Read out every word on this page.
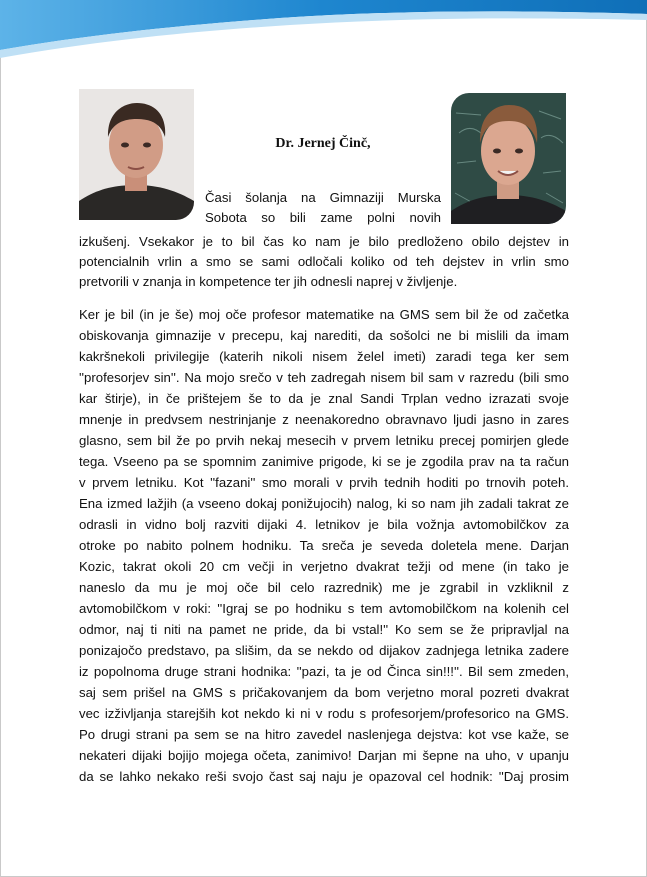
Dr. Jernej Činč,
Časi šolanja na Gimnaziji Murska
Sobota so bili zame polni novih
izkušenj. Vsekakor je to bil čas ko nam je bilo predloženo obilo dejstev in
potencialnih vrlin a smo se sami odločali koliko od teh dejstev in vrlin smo
pretvorili v znanja in kompetence ter jih odnesli naprej v življenje.
Ker je bil (in je še) moj oče profesor matematike na GMS sem bil že od začetka
obiskovanja gimnazije v precepu, kaj narediti, da sošolci ne bi mislili da imam
kakršnekoli privilegije (katerih nikoli nisem želel imeti) zaradi tega ker sem
''profesorjev sin''. Na mojo srečo v teh zadregah nisem bil sam v razredu (bili smo
kar štirje), in če prištejem še to da je znal Sandi Trplan vedno izrazati svoje
mnenje in predvsem nestrinjanje z neenakoredno obravnavo ljudi jasno in zares
glasno, sem bil že po prvih nekaj mesecih v prvem letniku precej pomirjen glede
tega. Vseeno pa se spomnim zanimive prigode, ki se je zgodila prav na ta račun
v prvem letniku. Kot ''fazani'' smo morali v prvih tednih hoditi po trnovih poteh.
Ena izmed lažjih (a vseeno dokaj ponižujocih) nalog, ki so nam jih zadali takrat ze
odrasli in vidno bolj razviti dijaki 4. letnikov je bila vožnja avtomobilčkov za
otroke po nabito polnem hodniku. Ta sreča je seveda doletela mene. Darjan
Kozic, takrat okoli 20 cm večji in verjetno dvakrat težji od mene (in tako je
naneslo da mu je moj oče bil celo razrednik) me je zgrabil in vzkliknil z
avtomobilčkom v roki: ''Igraj se po hodniku s tem avtomobilčkom na kolenih cel
odmor, naj ti niti na pamet ne pride, da bi vstal!'' Ko sem se že pripravljal na
ponizajočo predstavo, pa slišim, da se nekdo od dijakov zadnjega letnika zadere
iz popolnoma druge strani hodnika: ''pazi, ta je od Činca sin!!!''. Bil sem zmeden,
saj sem prišel na GMS s pričakovanjem da bom verjetno moral pozreti dvakrat
vec izživljanja starejših kot nekdo ki ni v rodu s profesorjem/profesorico na GMS.
Po drugi strani pa sem se na hitro zavedel naslenjega dejstva: kot vse kaže, se
nekateri dijaki bojijo mojega očeta, zanimivo! Darjan mi šepne na uho, v upanju
da se lahko nekako reši svojo čast saj naju je opazoval cel hodnik: ''Daj prosim
